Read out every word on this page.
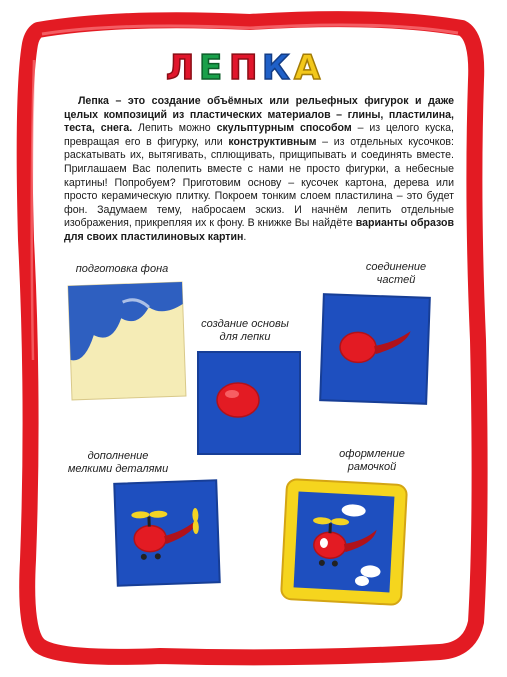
Л Е П К А

Лепка – это создание объёмных или рельефных фигурок и даже целых композиций из пластических материалов – глины, пластилина, теста, снега. Лепить можно скульптурным способом – из целого куска, превращая его в фигурку, или конструктивным – из отдельных кусочков: раскатывать их, вытягивать, сплющивать, прищипывать и соединять вместе. Приглашаем Вас полепить вместе с нами не просто фигурки, а небесные картины! Попробуем? Приготовим основу – кусочек картона, дерева или просто керамическую плитку. Покроем тонким слоем пластилина – это будет фон. Задумаем тему, набросаем эскиз. И начнём лепить отдельные изображения, прикрепляя их к фону. В книжке Вы найдёте варианты образов для своих пластилиновых картин.

подготовка фона

создание основы
для лепки

соединение
частей

дополнение
мелкими деталями

оформление
рамочкой
